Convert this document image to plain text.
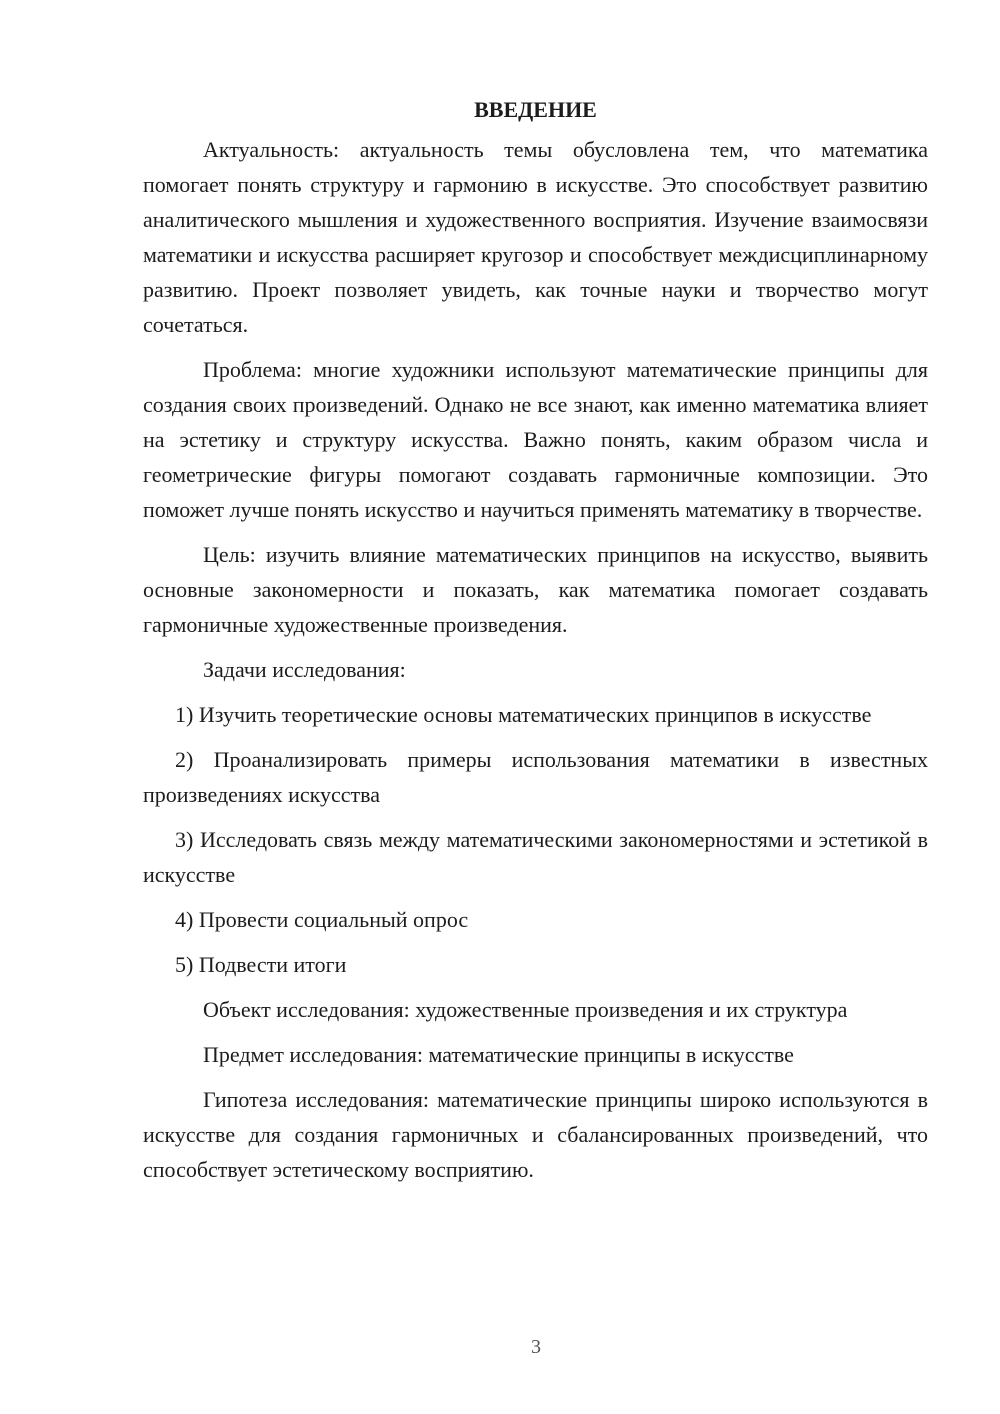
ВВЕДЕНИЕ

Актуальность: актуальность темы обусловлена тем, что математика помогает понять структуру и гармонию в искусстве. Это способствует развитию аналитического мышления и художественного восприятия. Изучение взаимосвязи математики и искусства расширяет кругозор и способствует междисциплинарному развитию. Проект позволяет увидеть, как точные науки и творчество могут сочетаться.

Проблема: многие художники используют математические принципы для создания своих произведений. Однако не все знают, как именно математика влияет на эстетику и структуру искусства. Важно понять, каким образом числа и геометрические фигуры помогают создавать гармоничные композиции. Это поможет лучше понять искусство и научиться применять математику в творчестве.

Цель: изучить влияние математических принципов на искусство, выявить основные закономерности и показать, как математика помогает создавать гармоничные художественные произведения.

Задачи исследования:

1) Изучить теоретические основы математических принципов в искусстве

2) Проанализировать примеры использования математики в известных произведениях искусства

3) Исследовать связь между математическими закономерностями и эстетикой в искусстве

4) Провести социальный опрос

5) Подвести итоги

Объект исследования: художественные произведения и их структура

Предмет исследования: математические принципы в искусстве

Гипотеза исследования: математические принципы широко используются в искусстве для создания гармоничных и сбалансированных произведений, что способствует эстетическому восприятию.

3
